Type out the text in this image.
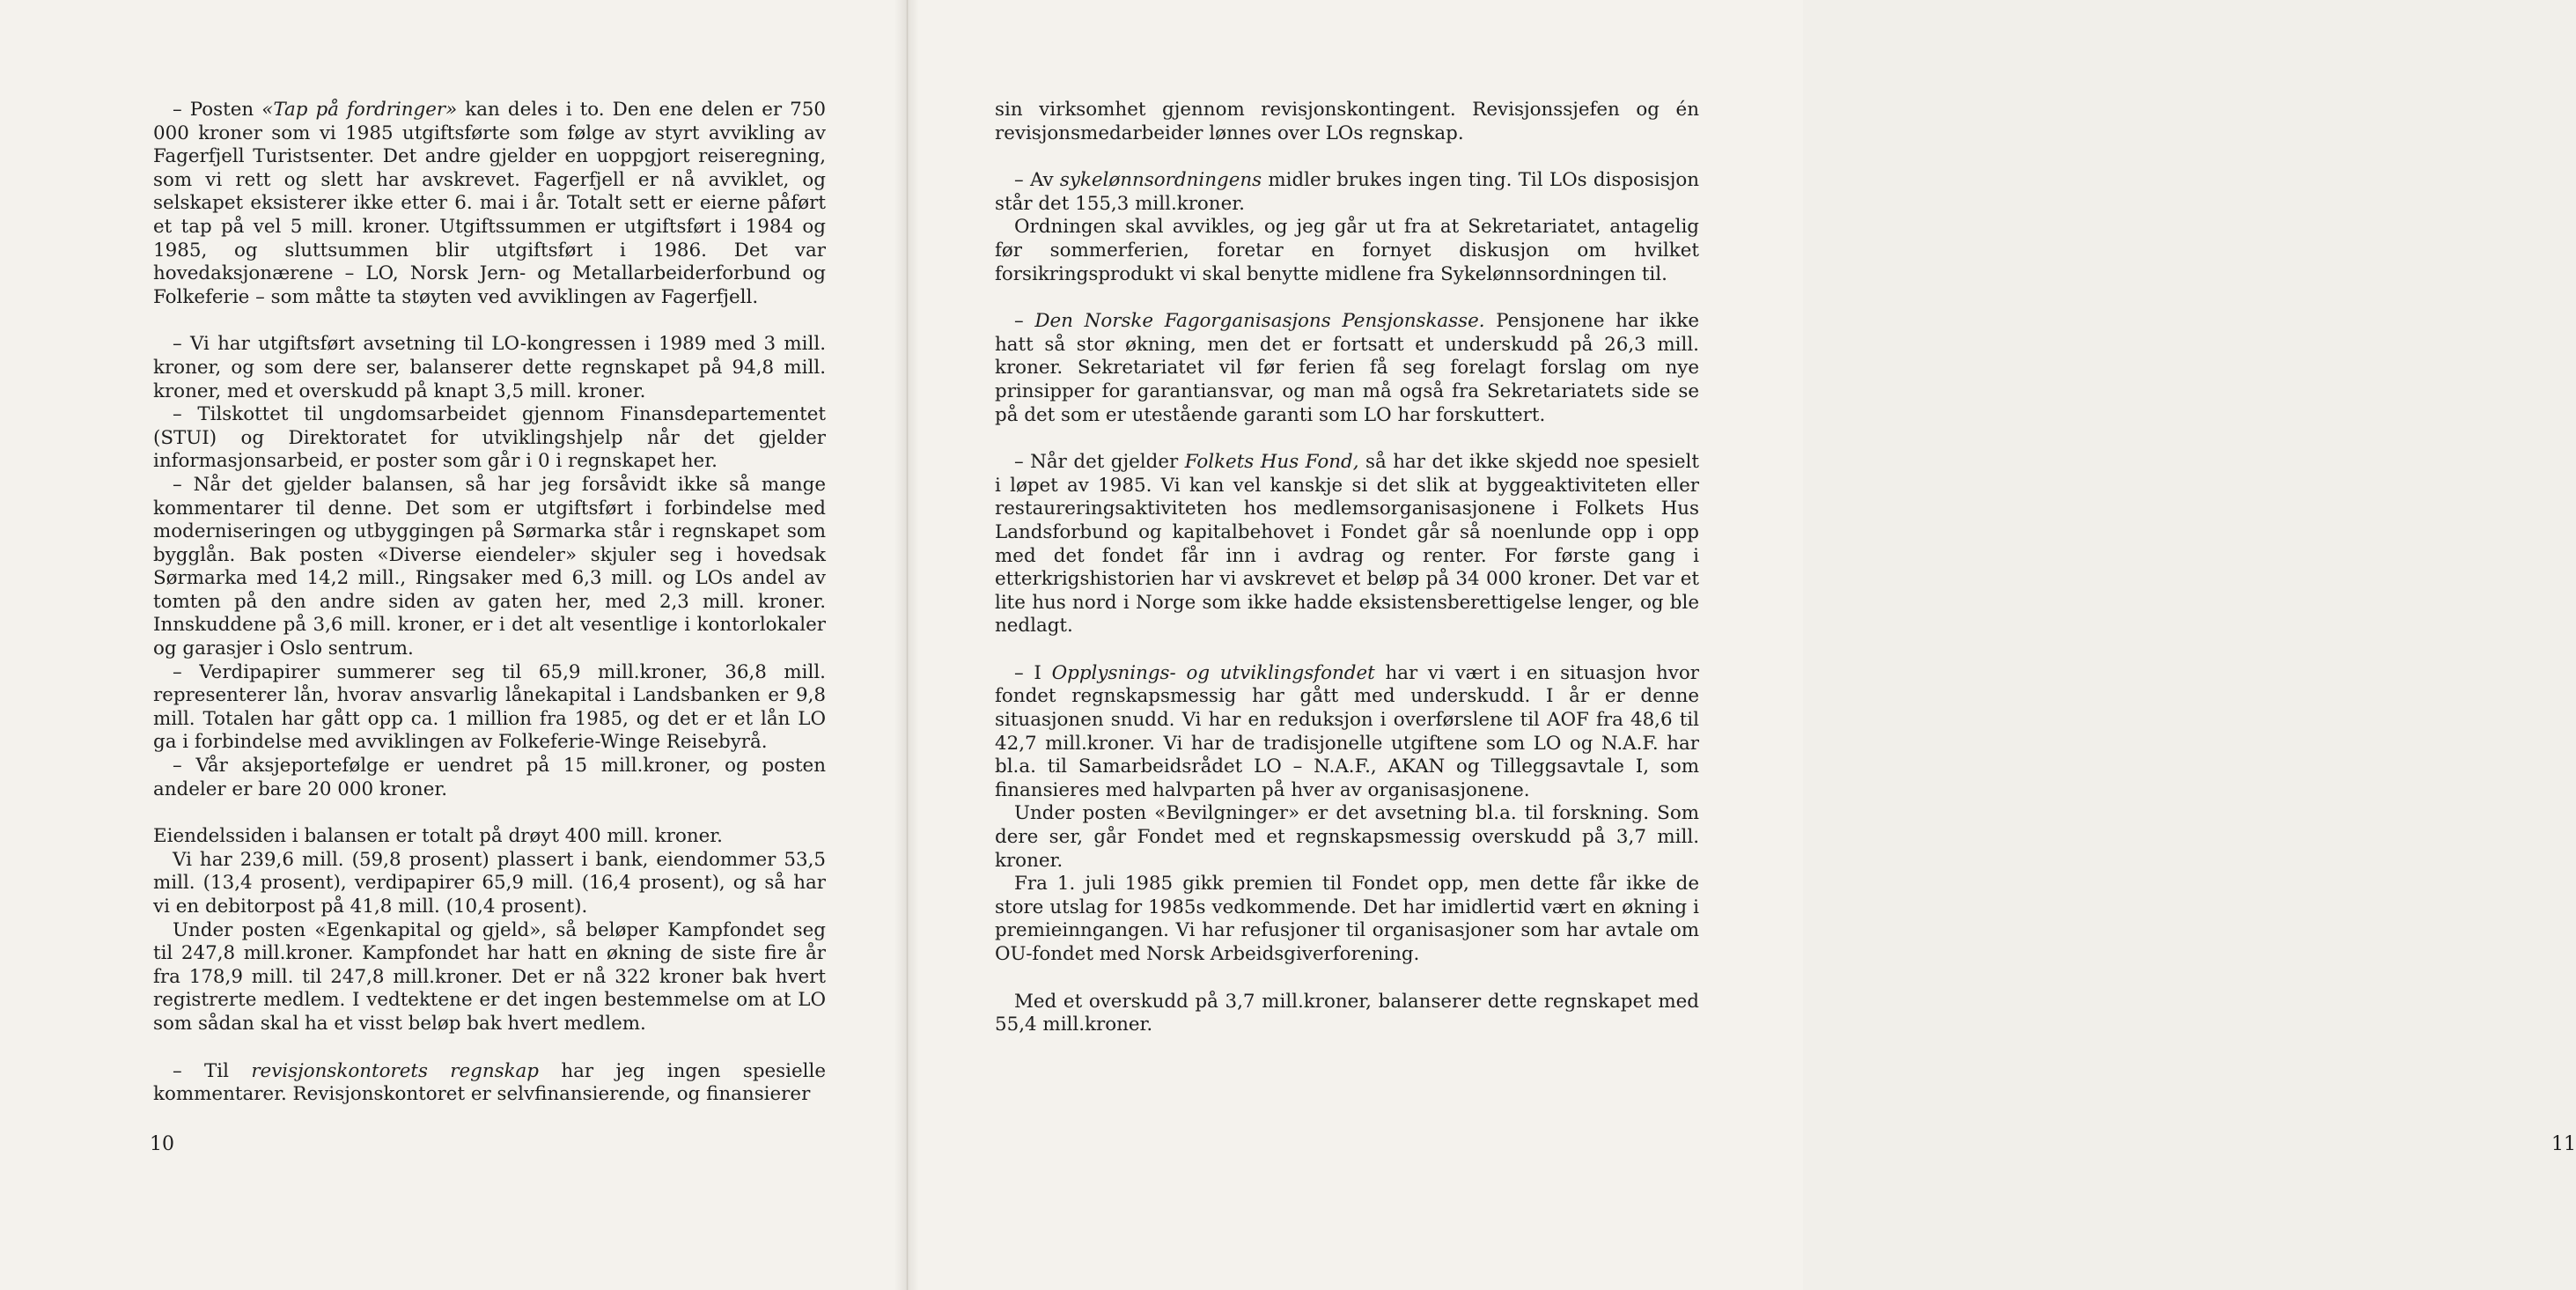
– Posten «Tap på fordringer» kan deles i to. Den ene delen er 750 000 kroner som vi 1985 utgiftsførte som følge av styrt avvikling av Fagerfjell Turistsenter. Det andre gjelder en uoppgjort reiseregning, som vi rett og slett har avskrevet. Fagerfjell er nå avviklet, og selskapet eksisterer ikke etter 6. mai i år. Totalt sett er eierne påført et tap på vel 5 mill. kroner. Utgiftssummen er utgiftsført i 1984 og 1985, og sluttsummen blir utgiftsført i 1986. Det var hovedaksjonærene – LO, Norsk Jern- og Metallarbeiderforbund og Folkeferie – som måtte ta støyten ved avviklingen av Fagerfjell.

– Vi har utgiftsført avsetning til LO-kongressen i 1989 med 3 mill. kroner, og som dere ser, balanserer dette regnskapet på 94,8 mill. kroner, med et overskudd på knapt 3,5 mill. kroner.

– Tilskottet til ungdomsarbeidet gjennom Finansdepartementet (STUI) og Direktoratet for utviklingshjelp når det gjelder informasjonsarbeid, er poster som går i 0 i regnskapet her.

– Når det gjelder balansen, så har jeg forsåvidt ikke så mange kommentarer til denne. Det som er utgiftsført i forbindelse med moderniseringen og utbyggingen på Sørmarka står i regnskapet som bygglån. Bak posten «Diverse eiendeler» skjuler seg i hovedsak Sørmarka med 14,2 mill., Ringsaker med 6,3 mill. og LOs andel av tomten på den andre siden av gaten her, med 2,3 mill. kroner. Innskuddene på 3,6 mill. kroner, er i det alt vesentlige i kontorlokaler og garasjer i Oslo sentrum.

– Verdipapirer summerer seg til 65,9 mill.kroner, 36,8 mill. representerer lån, hvorav ansvarlig lånekapital i Landsbanken er 9,8 mill. Totalen har gått opp ca. 1 million fra 1985, og det er et lån LO ga i forbindelse med avviklingen av Folkeferie-Winge Reisebyrå.

– Vår aksjeportefølge er uendret på 15 mill.kroner, og posten andeler er bare 20 000 kroner.

Eiendelssiden i balansen er totalt på drøyt 400 mill. kroner.

Vi har 239,6 mill. (59,8 prosent) plassert i bank, eiendommer 53,5 mill. (13,4 prosent), verdipapirer 65,9 mill. (16,4 prosent), og så har vi en debitorpost på 41,8 mill. (10,4 prosent).

Under posten «Egenkapital og gjeld», så beløper Kampfondet seg til 247,8 mill.kroner. Kampfondet har hatt en økning de siste fire år fra 178,9 mill. til 247,8 mill.kroner. Det er nå 322 kroner bak hvert registrerte medlem. I vedtektene er det ingen bestemmelse om at LO som sådan skal ha et visst beløp bak hvert medlem.

– Til revisjonskontorets regnskap har jeg ingen spesielle kommentarer. Revisjonskontoret er selvfinansierende, og finansierer

10

sin virksomhet gjennom revisjonskontingent. Revisjonssjefen og én revisjonsmedarbeider lønnes over LOs regnskap.

– Av sykelønnsordningens midler brukes ingen ting. Til LOs disposisjon står det 155,3 mill.kroner.

Ordningen skal avvikles, og jeg går ut fra at Sekretariatet, antagelig før sommerferien, foretar en fornyet diskusjon om hvilket forsikringsprodukt vi skal benytte midlene fra Sykelønnsordningen til.

– Den Norske Fagorganisasjons Pensjonskasse. Pensjonene har ikke hatt så stor økning, men det er fortsatt et underskudd på 26,3 mill. kroner. Sekretariatet vil før ferien få seg forelagt forslag om nye prinsipper for garantiansvar, og man må også fra Sekretariatets side se på det som er utestående garanti som LO har forskuttert.

– Når det gjelder Folkets Hus Fond, så har det ikke skjedd noe spesielt i løpet av 1985. Vi kan vel kanskje si det slik at byggeaktiviteten eller restaureringsaktiviteten hos medlemsorganisasjonene i Folkets Hus Landsforbund og kapitalbehovet i Fondet går så noenlunde opp i opp med det fondet får inn i avdrag og renter. For første gang i etterkrigshistorien har vi avskrevet et beløp på 34 000 kroner. Det var et lite hus nord i Norge som ikke hadde eksistensberettigelse lenger, og ble nedlagt.

– I Opplysnings- og utviklingsfondet har vi vært i en situasjon hvor fondet regnskapsmessig har gått med underskudd. I år er denne situasjonen snudd. Vi har en reduksjon i overførslene til AOF fra 48,6 til 42,7 mill.kroner. Vi har de tradisjonelle utgiftene som LO og N.A.F. har bl.a. til Samarbeidsrådet LO – N.A.F., AKAN og Tilleggsavtale I, som finansieres med halvparten på hver av organisasjonene.

Under posten «Bevilgninger» er det avsetning bl.a. til forskning. Som dere ser, går Fondet med et regnskapsmessig overskudd på 3,7 mill. kroner.

Fra 1. juli 1985 gikk premien til Fondet opp, men dette får ikke de store utslag for 1985s vedkommende. Det har imidlertid vært en økning i premieinngangen. Vi har refusjoner til organisasjoner som har avtale om OU-fondet med Norsk Arbeidsgiverforening.

Med et overskudd på 3,7 mill.kroner, balanserer dette regnskapet med 55,4 mill.kroner.

11
